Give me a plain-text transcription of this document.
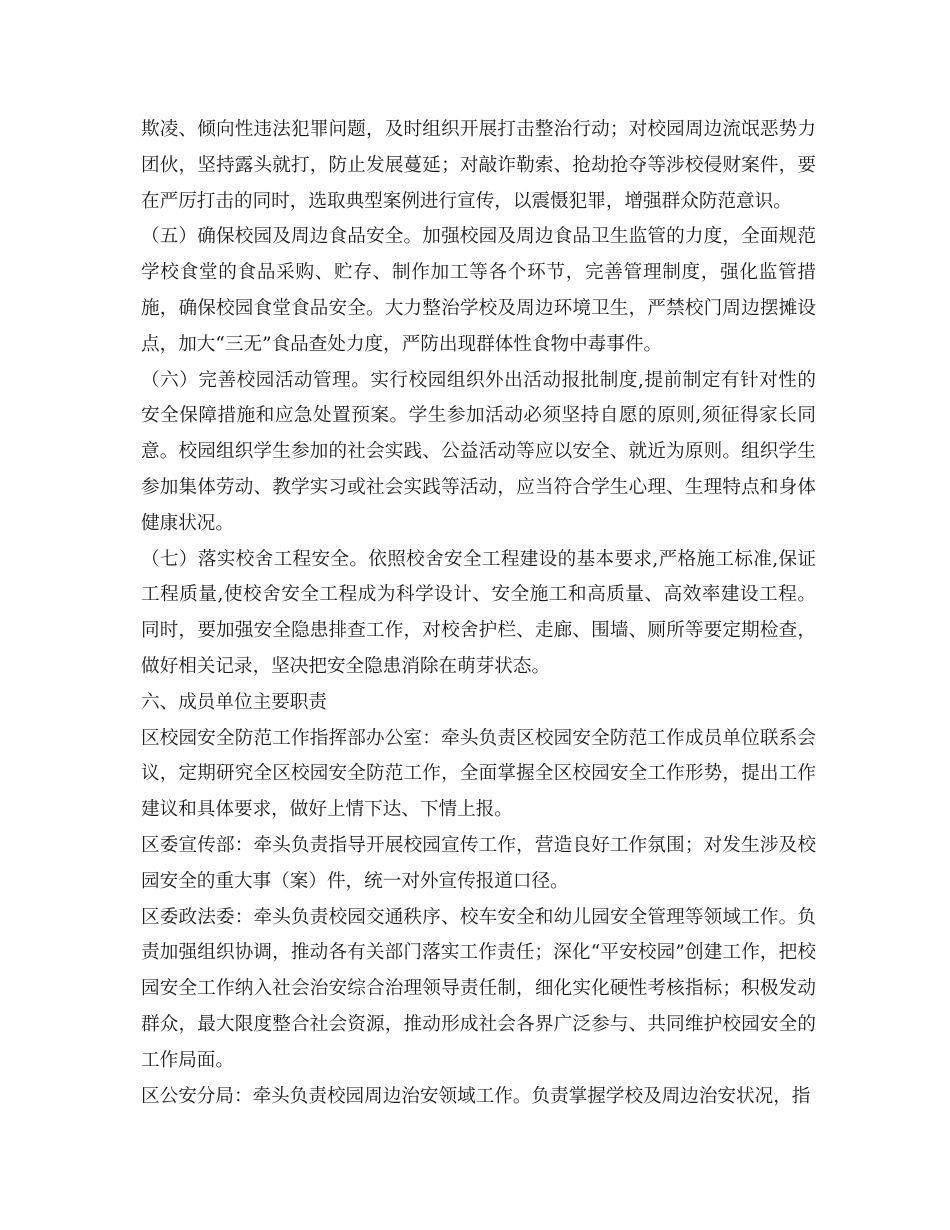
欺凌、倾向性违法犯罪问题，及时组织开展打击整治行动；对校园周边流氓恶势力团伙，坚持露头就打，防止发展蔓延；对敲诈勒索、抢劫抢夺等涉校侵财案件，要在严厉打击的同时，选取典型案例进行宣传，以震慑犯罪，增强群众防范意识。

（五）确保校园及周边食品安全。加强校园及周边食品卫生监管的力度，全面规范学校食堂的食品采购、贮存、制作加工等各个环节，完善管理制度，强化监管措施，确保校园食堂食品安全。大力整治学校及周边环境卫生，严禁校门周边摆摊设点，加大“三无”食品查处力度，严防出现群体性食物中毒事件。

（六）完善校园活动管理。实行校园组织外出活动报批制度,提前制定有针对性的安全保障措施和应急处置预案。学生参加活动必须坚持自愿的原则,须征得家长同意。校园组织学生参加的社会实践、公益活动等应以安全、就近为原则。组织学生参加集体劳动、教学实习或社会实践等活动，应当符合学生心理、生理特点和身体健康状况。

（七）落实校舍工程安全。依照校舍安全工程建设的基本要求,严格施工标准,保证工程质量,使校舍安全工程成为科学设计、安全施工和高质量、高效率建设工程。同时，要加强安全隐患排查工作，对校舍护栏、走廊、围墙、厕所等要定期检查，做好相关记录，坚决把安全隐患消除在萌芽状态。

六、成员单位主要职责

区校园安全防范工作指挥部办公室：牵头负责区校园安全防范工作成员单位联系会议，定期研究全区校园安全防范工作，全面掌握全区校园安全工作形势，提出工作建议和具体要求，做好上情下达、下情上报。

区委宣传部：牵头负责指导开展校园宣传工作，营造良好工作氛围；对发生涉及校园安全的重大事（案）件，统一对外宣传报道口径。

区委政法委：牵头负责校园交通秩序、校车安全和幼儿园安全管理等领域工作。负责加强组织协调，推动各有关部门落实工作责任；深化“平安校园”创建工作，把校园安全工作纳入社会治安综合治理领导责任制，细化实化硬性考核指标；积极发动群众，最大限度整合社会资源，推动形成社会各界广泛参与、共同维护校园安全的工作局面。

区公安分局：牵头负责校园周边治安领域工作。负责掌握学校及周边治安状况，指
